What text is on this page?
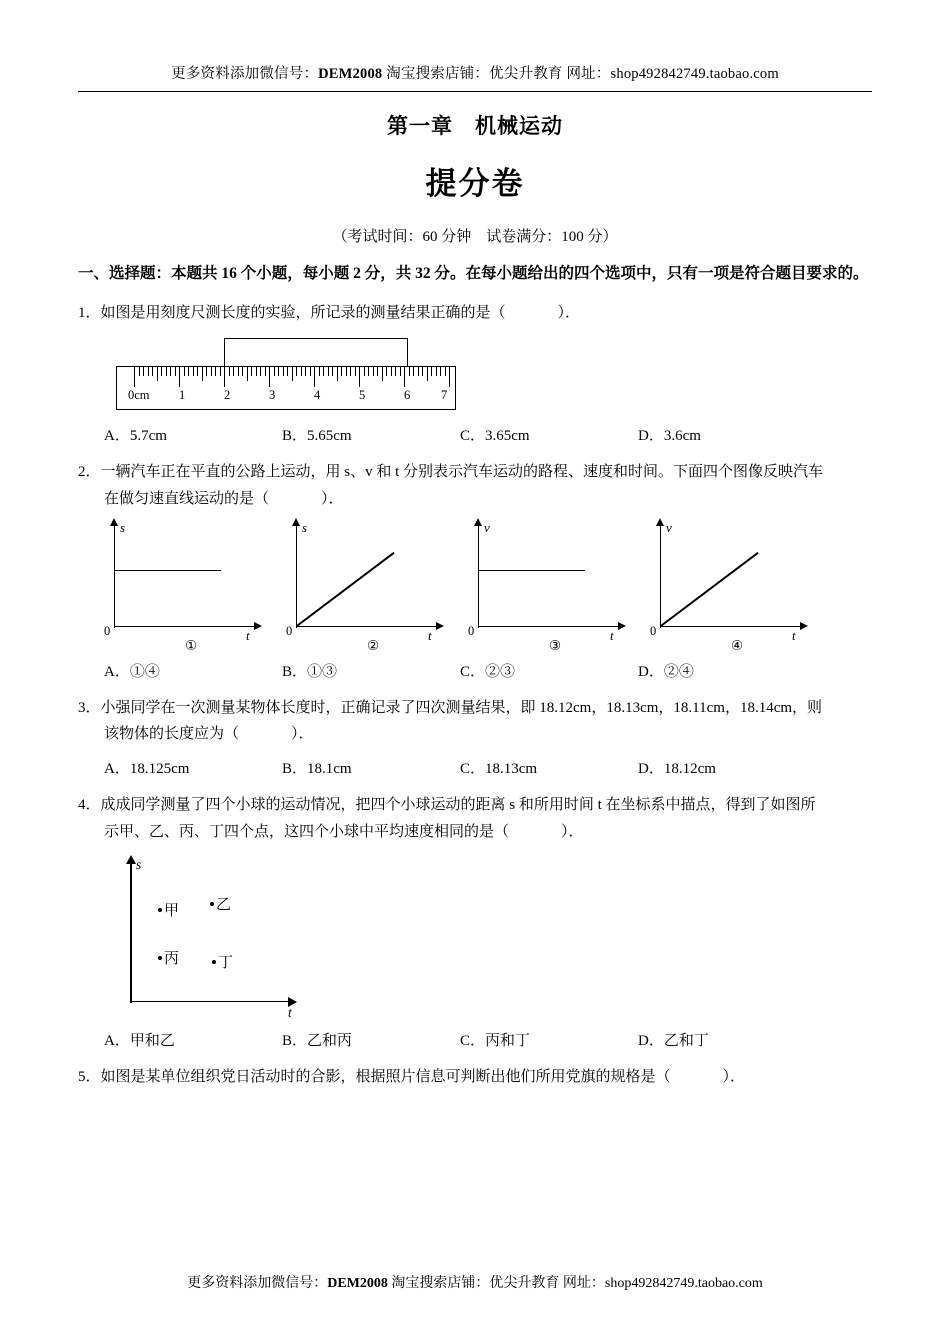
更多资料添加微信号：DEM2008 淘宝搜索店铺：优尖升教育 网址：shop492842749.taobao.com
第一章　机械运动
提分卷
（考试时间：60 分钟　试卷满分：100 分）
一、选择题：本题共 16 个小题，每小题 2 分，共 32 分。在每小题给出的四个选项中，只有一项是符合题目要求的。
1．如图是用刻度尺测长度的实验，所记录的测量结果正确的是（	）．
0cm 1	2	3	4	5	6 7
A．5.7cm	B．5.65cm	C．3.65cm	D．3.6cm
2．一辆汽车正在平直的公路上运动，用 s、v 和 t 分别表示汽车运动的路程、速度和时间。下面四个图像反映汽车
在做匀速直线运动的是（	）．
s
t
0
①
s
t
0
②
v
t
0
③
v
t
0
④
A．①④	B．①③	C．②③	D．②④
3．小强同学在一次测量某物体长度时，正确记录了四次测量结果，即 18.12cm，18.13cm，18.11cm，18.14cm，则
该物体的长度应为（	）．
A．18.125cm	B．18.1cm	C．18.13cm	D．18.12cm
4．成成同学测量了四个小球的运动情况，把四个小球运动的距离 s 和所用时间 t 在坐标系中描点，得到了如图所
示甲、乙、丙、丁四个点，这四个小球中平均速度相同的是（	）．
s
t
甲	乙
丙	丁
A．甲和乙	B．乙和丙	C．丙和丁	D．乙和丁
5．如图是某单位组织党日活动时的合影，根据照片信息可判断出他们所用党旗的规格是（	）．
更多资料添加微信号：DEM2008 淘宝搜索店铺：优尖升教育 网址：shop492842749.taobao.com
